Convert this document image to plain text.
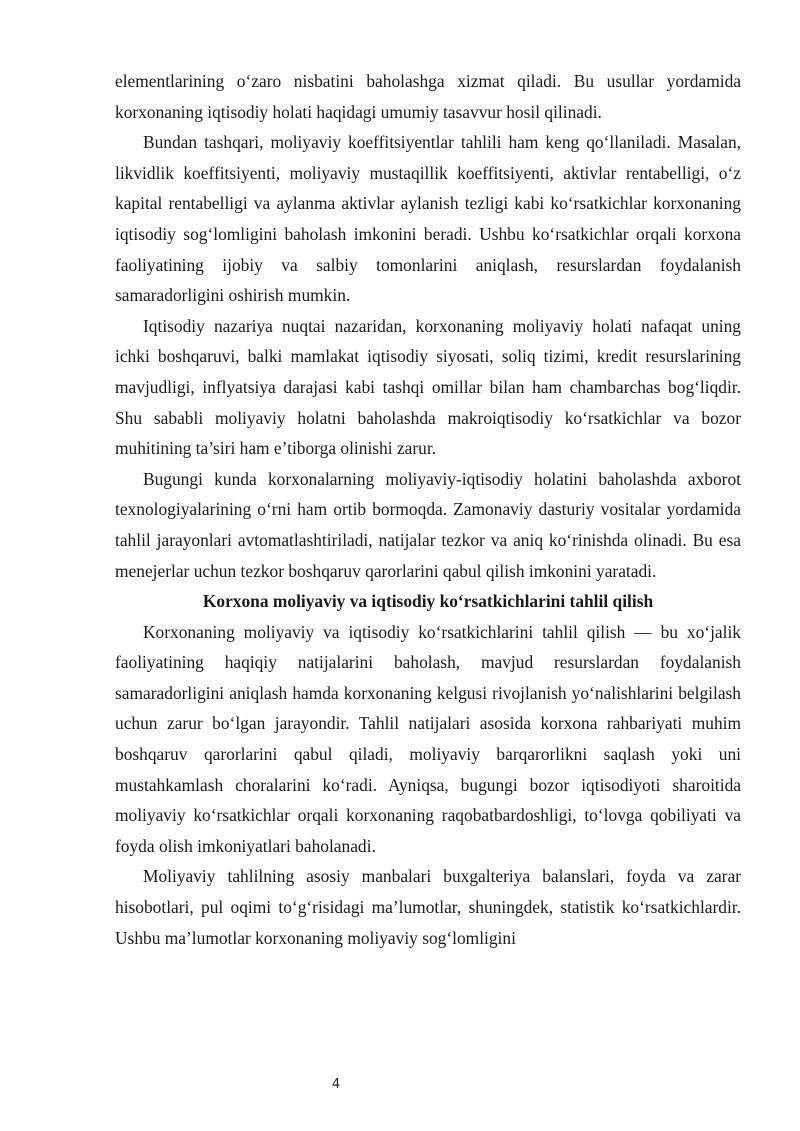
elementlarining o‘zaro nisbatini baholashga xizmat qiladi. Bu usullar yordamida korxonaning iqtisodiy holati haqidagi umumiy tasavvur hosil qilinadi.

Bundan tashqari, moliyaviy koeffitsiyentlar tahlili ham keng qo‘llaniladi. Masalan, likvidlik koeffitsiyenti, moliyaviy mustaqillik koeffitsiyenti, aktivlar rentabelligi, o‘z kapital rentabelligi va aylanma aktivlar aylanish tezligi kabi ko‘rsatkichlar korxonaning iqtisodiy sog‘lomligini baholash imkonini beradi. Ushbu ko‘rsatkichlar orqali korxona faoliyatining ijobiy va salbiy tomonlarini aniqlash, resurslardan foydalanish samaradorligini oshirish mumkin.

Iqtisodiy nazariya nuqtai nazaridan, korxonaning moliyaviy holati nafaqat uning ichki boshqaruvi, balki mamlakat iqtisodiy siyosati, soliq tizimi, kredit resurslarining mavjudligi, inflyatsiya darajasi kabi tashqi omillar bilan ham chambarchas bog‘liqdir. Shu sababli moliyaviy holatni baholashda makroiqtisodiy ko‘rsatkichlar va bozor muhitining ta’siri ham e’tiborga olinishi zarur.

Bugungi kunda korxonalarning moliyaviy-iqtisodiy holatini baholashda axborot texnologiyalarining o‘rni ham ortib bormoqda. Zamonaviy dasturiy vositalar yordamida tahlil jarayonlari avtomatlashtiriladi, natijalar tezkor va aniq ko‘rinishda olinadi. Bu esa menejerlar uchun tezkor boshqaruv qarorlarini qabul qilish imkonini yaratadi.

Korxona moliyaviy va iqtisodiy ko‘rsatkichlarini tahlil qilish

Korxonaning moliyaviy va iqtisodiy ko‘rsatkichlarini tahlil qilish — bu xo‘jalik faoliyatining haqiqiy natijalarini baholash, mavjud resurslardan foydalanish samaradorligini aniqlash hamda korxonaning kelgusi rivojlanish yo‘nalishlarini belgilash uchun zarur bo‘lgan jarayondir. Tahlil natijalari asosida korxona rahbariyati muhim boshqaruv qarorlarini qabul qiladi, moliyaviy barqarorlikni saqlash yoki uni mustahkamlash choralarini ko‘radi. Ayniqsa, bugungi bozor iqtisodiyoti sharoitida moliyaviy ko‘rsatkichlar orqali korxonaning raqobatbardoshligi, to‘lovga qobiliyati va foyda olish imkoniyatlari baholanadi.

Moliyaviy tahlilning asosiy manbalari buxgalteriya balanslari, foyda va zarar hisobotlari, pul oqimi to‘g‘risidagi ma’lumotlar, shuningdek, statistik ko‘rsatkichlardir. Ushbu ma’lumotlar korxonaning moliyaviy sog‘lomligini

4
